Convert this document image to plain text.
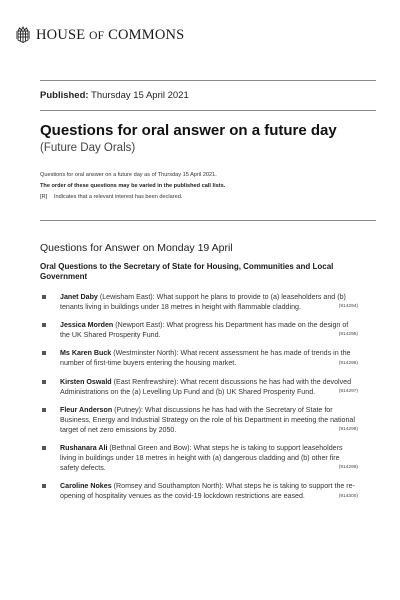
HOUSE OF COMMONS
Published: Thursday 15 April 2021
Questions for oral answer on a future day
(Future Day Orals)
Questions for oral answer on a future day as of Thursday 15 April 2021.
The order of these questions may be varied in the published call lists.
[R] Indicates that a relevant interest has been declared.
Questions for Answer on Monday 19 April
Oral Questions to the Secretary of State for Housing, Communities and Local Government
Janet Daby (Lewisham East): What support he plans to provide to (a) leaseholders and (b) tenants living in buildings under 18 metres in height with flammable cladding.	(914294)
Jessica Morden (Newport East): What progress his Department has made on the design of the UK Shared Prosperity Fund.	(914295)
Ms Karen Buck (Westminster North): What recent assessment he has made of trends in the number of first-time buyers entering the housing market.	(914296)
Kirsten Oswald (East Renfrewshire): What recent discussions he has had with the devolved Administrations on the (a) Levelling Up Fund and (b) UK Shared Prosperity Fund.	(914297)
Fleur Anderson (Putney): What discussions he has had with the Secretary of State for Business, Energy and Industrial Strategy on the role of his Department in meeting the national target of net zero emissions by 2050.	(914298)
Rushanara Ali (Bethnal Green and Bow): What steps he is taking to support leaseholders living in buildings under 18 metres in height with (a) dangerous cladding and (b) other fire safety defects.	(914299)
Caroline Nokes (Romsey and Southampton North): What steps he is taking to support the re-opening of hospitality venues as the covid-19 lockdown restrictions are eased.	(914300)
